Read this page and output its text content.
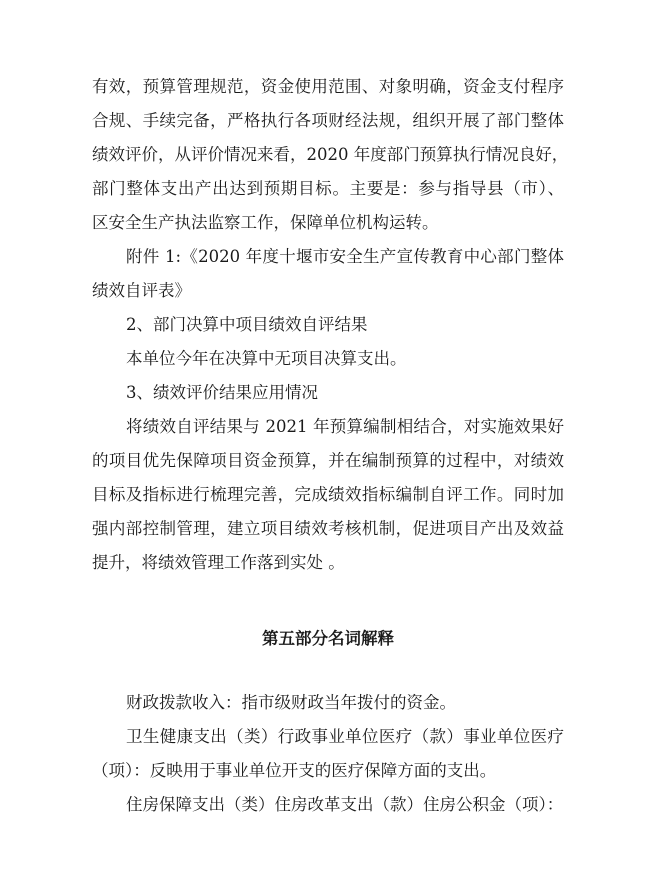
有效，预算管理规范，资金使用范围、对象明确，资金支付程序

合规、手续完备，严格执行各项财经法规，组织开展了部门整体

绩效评价，从评价情况来看，2020 年度部门预算执行情况良好，

部门整体支出产出达到预期目标。主要是：参与指导县（市）、

区安全生产执法监察工作，保障单位机构运转。

附件 1:《2020 年度十堰市安全生产宣传教育中心部门整体

绩效自评表》

2、部门决算中项目绩效自评结果

本单位今年在决算中无项目决算支出。

3、绩效评价结果应用情况

将绩效自评结果与 2021 年预算编制相结合，对实施效果好

的项目优先保障项目资金预算，并在编制预算的过程中，对绩效

目标及指标进行梳理完善，完成绩效指标编制自评工作。同时加

强内部控制管理，建立项目绩效考核机制，促进项目产出及效益

提升，将绩效管理工作落到实处 。

第五部分名词解释

财政拨款收入：指市级财政当年拨付的资金。

卫生健康支出（类）行政事业单位医疗（款）事业单位医疗

（项）：反映用于事业单位开支的医疗保障方面的支出。

住房保障支出（类）住房改革支出（款）住房公积金（项）：
